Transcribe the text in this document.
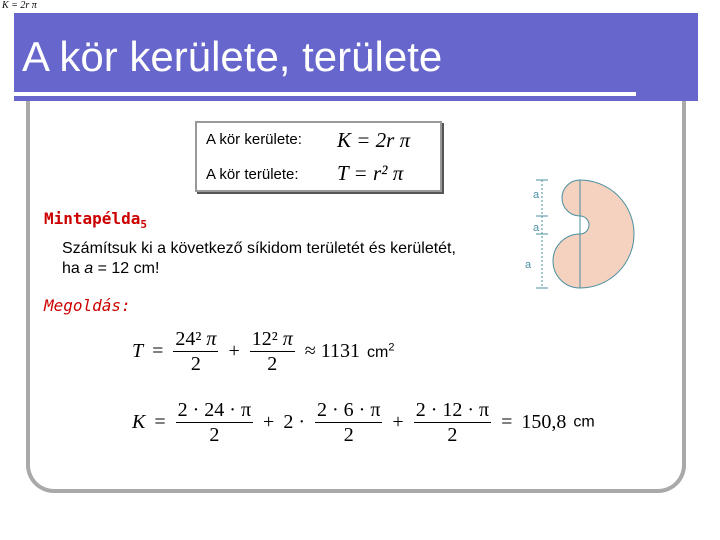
K = 2r π
A kör kerülete, területe
A kör kerülete: K = 2r π
A kör területe: T = r² π
Mintapélda$_5$
Számítsuk ki a következő síkidom területét és kerületét,
ha a = 12 cm!
Megoldás:
$T = \frac{\text{24² π}}{2} + \frac{\text{12² π}}{2} \approx 1131$ $cm^2$
$K = \frac{2 \cdot 24 \cdot \pi}{2} + 2 \cdot \frac{2 \cdot 6 \cdot \pi}{2} + \frac{2 \cdot 12 \cdot \pi}{2} = 150,8$ cm
a
a
a
